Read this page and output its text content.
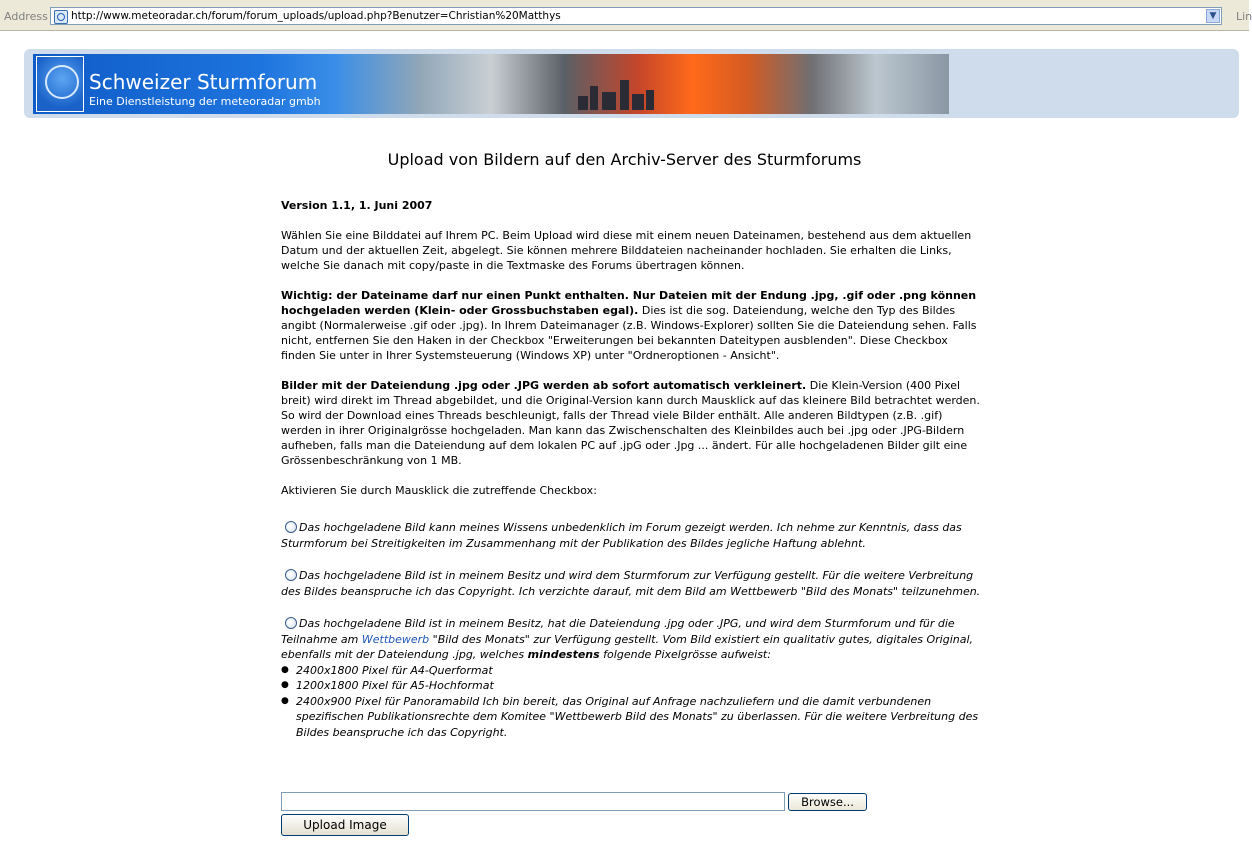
Address http://www.meteoradar.ch/forum/forum_uploads/upload.php?Benutzer=Christian%20Matthys	▼	Lin
Schweizer Sturmforum
Eine Dienstleistung der meteoradar gmbh
Upload von Bildern auf den Archiv-Server des Sturmforums

Version 1.1, 1. Juni 2007

Wählen Sie eine Bilddatei auf Ihrem PC. Beim Upload wird diese mit einem neuen Dateinamen, bestehend aus dem aktuellen Datum und der aktuellen Zeit, abgelegt. Sie können mehrere Bilddateien nacheinander hochladen. Sie erhalten die Links, welche Sie danach mit copy/paste in die Textmaske des Forums übertragen können.

Wichtig: der Dateiname darf nur einen Punkt enthalten. Nur Dateien mit der Endung .jpg, .gif oder .png können hochgeladen werden (Klein- oder Grossbuchstaben egal). Dies ist die sog. Dateiendung, welche den Typ des Bildes angibt (Normalerweise .gif oder .jpg). In Ihrem Dateimanager (z.B. Windows-Explorer) sollten Sie die Dateiendung sehen. Falls nicht, entfernen Sie den Haken in der Checkbox "Erweiterungen bei bekannten Dateitypen ausblenden". Diese Checkbox finden Sie unter in Ihrer Systemsteuerung (Windows XP) unter "Ordneroptionen - Ansicht".

Bilder mit der Dateiendung .jpg oder .JPG werden ab sofort automatisch verkleinert. Die Klein-Version (400 Pixel breit) wird direkt im Thread abgebildet, und die Original-Version kann durch Mausklick auf das kleinere Bild betrachtet werden. So wird der Download eines Threads beschleunigt, falls der Thread viele Bilder enthält. Alle anderen Bildtypen (z.B. .gif) werden in ihrer Originalgrösse hochgeladen. Man kann das Zwischenschalten des Kleinbildes auch bei .jpg oder .JPG-Bildern aufheben, falls man die Dateiendung auf dem lokalen PC auf .jpG oder .Jpg ... ändert. Für alle hochgeladenen Bilder gilt eine Grössenbeschränkung von 1 MB.

Aktivieren Sie durch Mausklick die zutreffende Checkbox:

Das hochgeladene Bild kann meines Wissens unbedenklich im Forum gezeigt werden. Ich nehme zur Kenntnis, dass das Sturmforum bei Streitigkeiten im Zusammenhang mit der Publikation des Bildes jegliche Haftung ablehnt.

Das hochgeladene Bild ist in meinem Besitz und wird dem Sturmforum zur Verfügung gestellt. Für die weitere Verbreitung des Bildes beanspruche ich das Copyright. Ich verzichte darauf, mit dem Bild am Wettbewerb "Bild des Monats" teilzunehmen.

Das hochgeladene Bild ist in meinem Besitz, hat die Dateiendung .jpg oder .JPG, und wird dem Sturmforum und für die Teilnahme am Wettbewerb "Bild des Monats" zur Verfügung gestellt. Vom Bild existiert ein qualitativ gutes, digitales Original, ebenfalls mit der Dateiendung .jpg, welches mindestens folgende Pixelgrösse aufweist:

● 2400x1800 Pixel für A4-Querformat
● 1200x1800 Pixel für A5-Hochformat
● 2400x900 Pixel für Panoramabild Ich bin bereit, das Original auf Anfrage nachzuliefern und die damit verbundenen spezifischen Publikationsrechte dem Komitee "Wettbewerb Bild des Monats" zu überlassen. Für die weitere Verbreitung des Bildes beanspruche ich das Copyright.
Browse...
Upload Image
